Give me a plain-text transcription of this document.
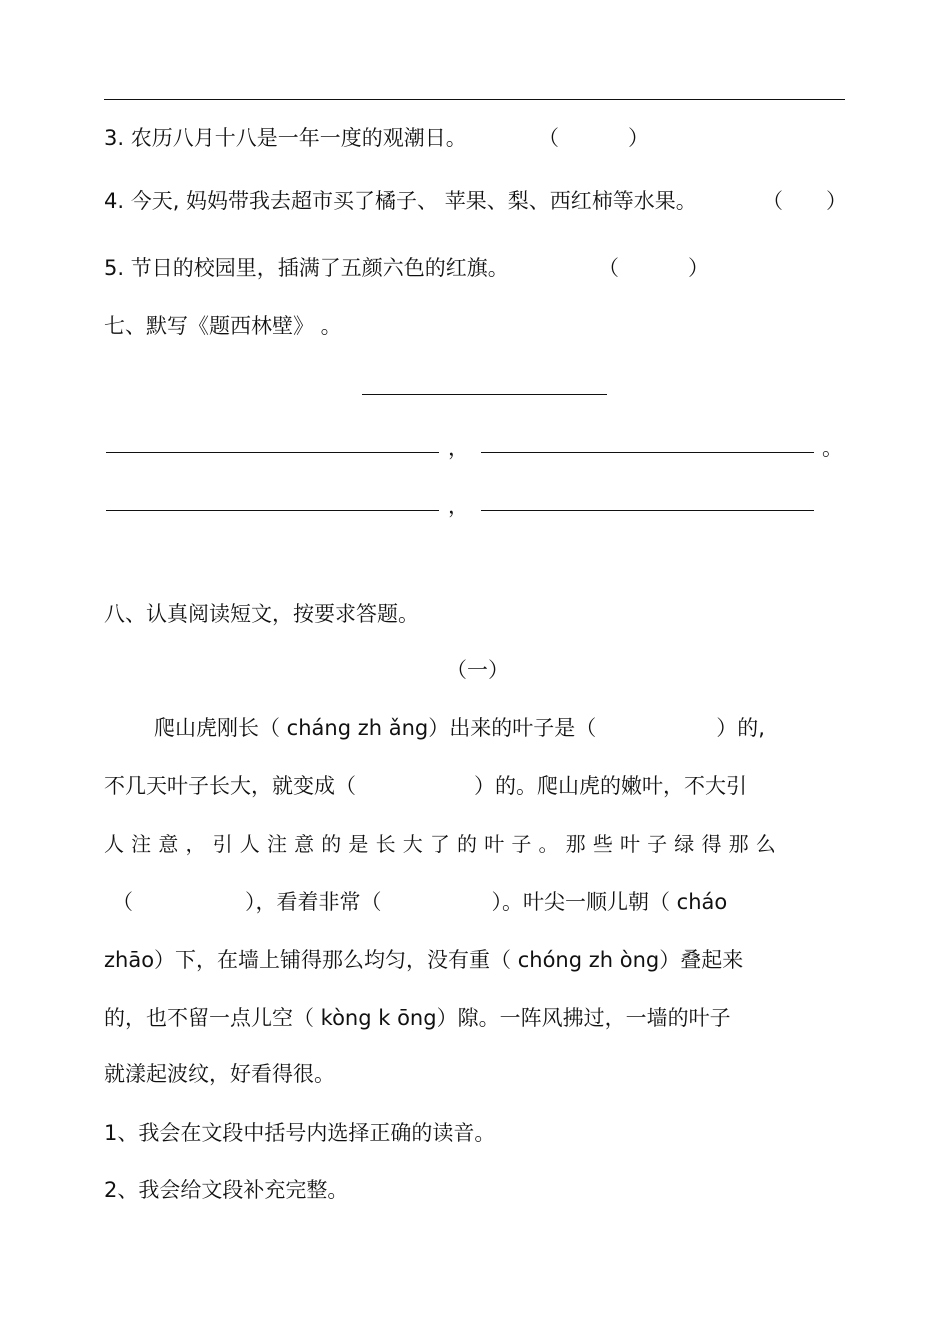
3. 农历八月十八是一年一度的观潮日。	（	）
4. 今天, 妈妈带我去超市买了橘子、 苹果、梨、西红柿等水果。	（ ）
5. 节日的校园里，插满了五颜六色的红旗。	（	）
七、默写《题西林壁》 。
，	。
，
八、认真阅读短文，按要求答题。
（一）
爬山虎刚长（ cháng zh ǎng）出来的叶子是（	）的,
不几天叶子长大，就变成（	）的。爬山虎的嫩叶，不大引
人 注 意 ， 引 人 注 意 的 是 长 大 了 的 叶 子 。 那 些 叶 子 绿 得 那 么
（	），看着非常（	）。叶尖一顺儿朝（ cháo
zhāo）下，在墙上铺得那么均匀，没有重（ chóng zh òng）叠起来
的，也不留一点儿空（ kòng k ōng）隙。一阵风拂过，一墙的叶子
就漾起波纹，好看得很。
1、我会在文段中括号内选择正确的读音。
2、我会给文段补充完整。
